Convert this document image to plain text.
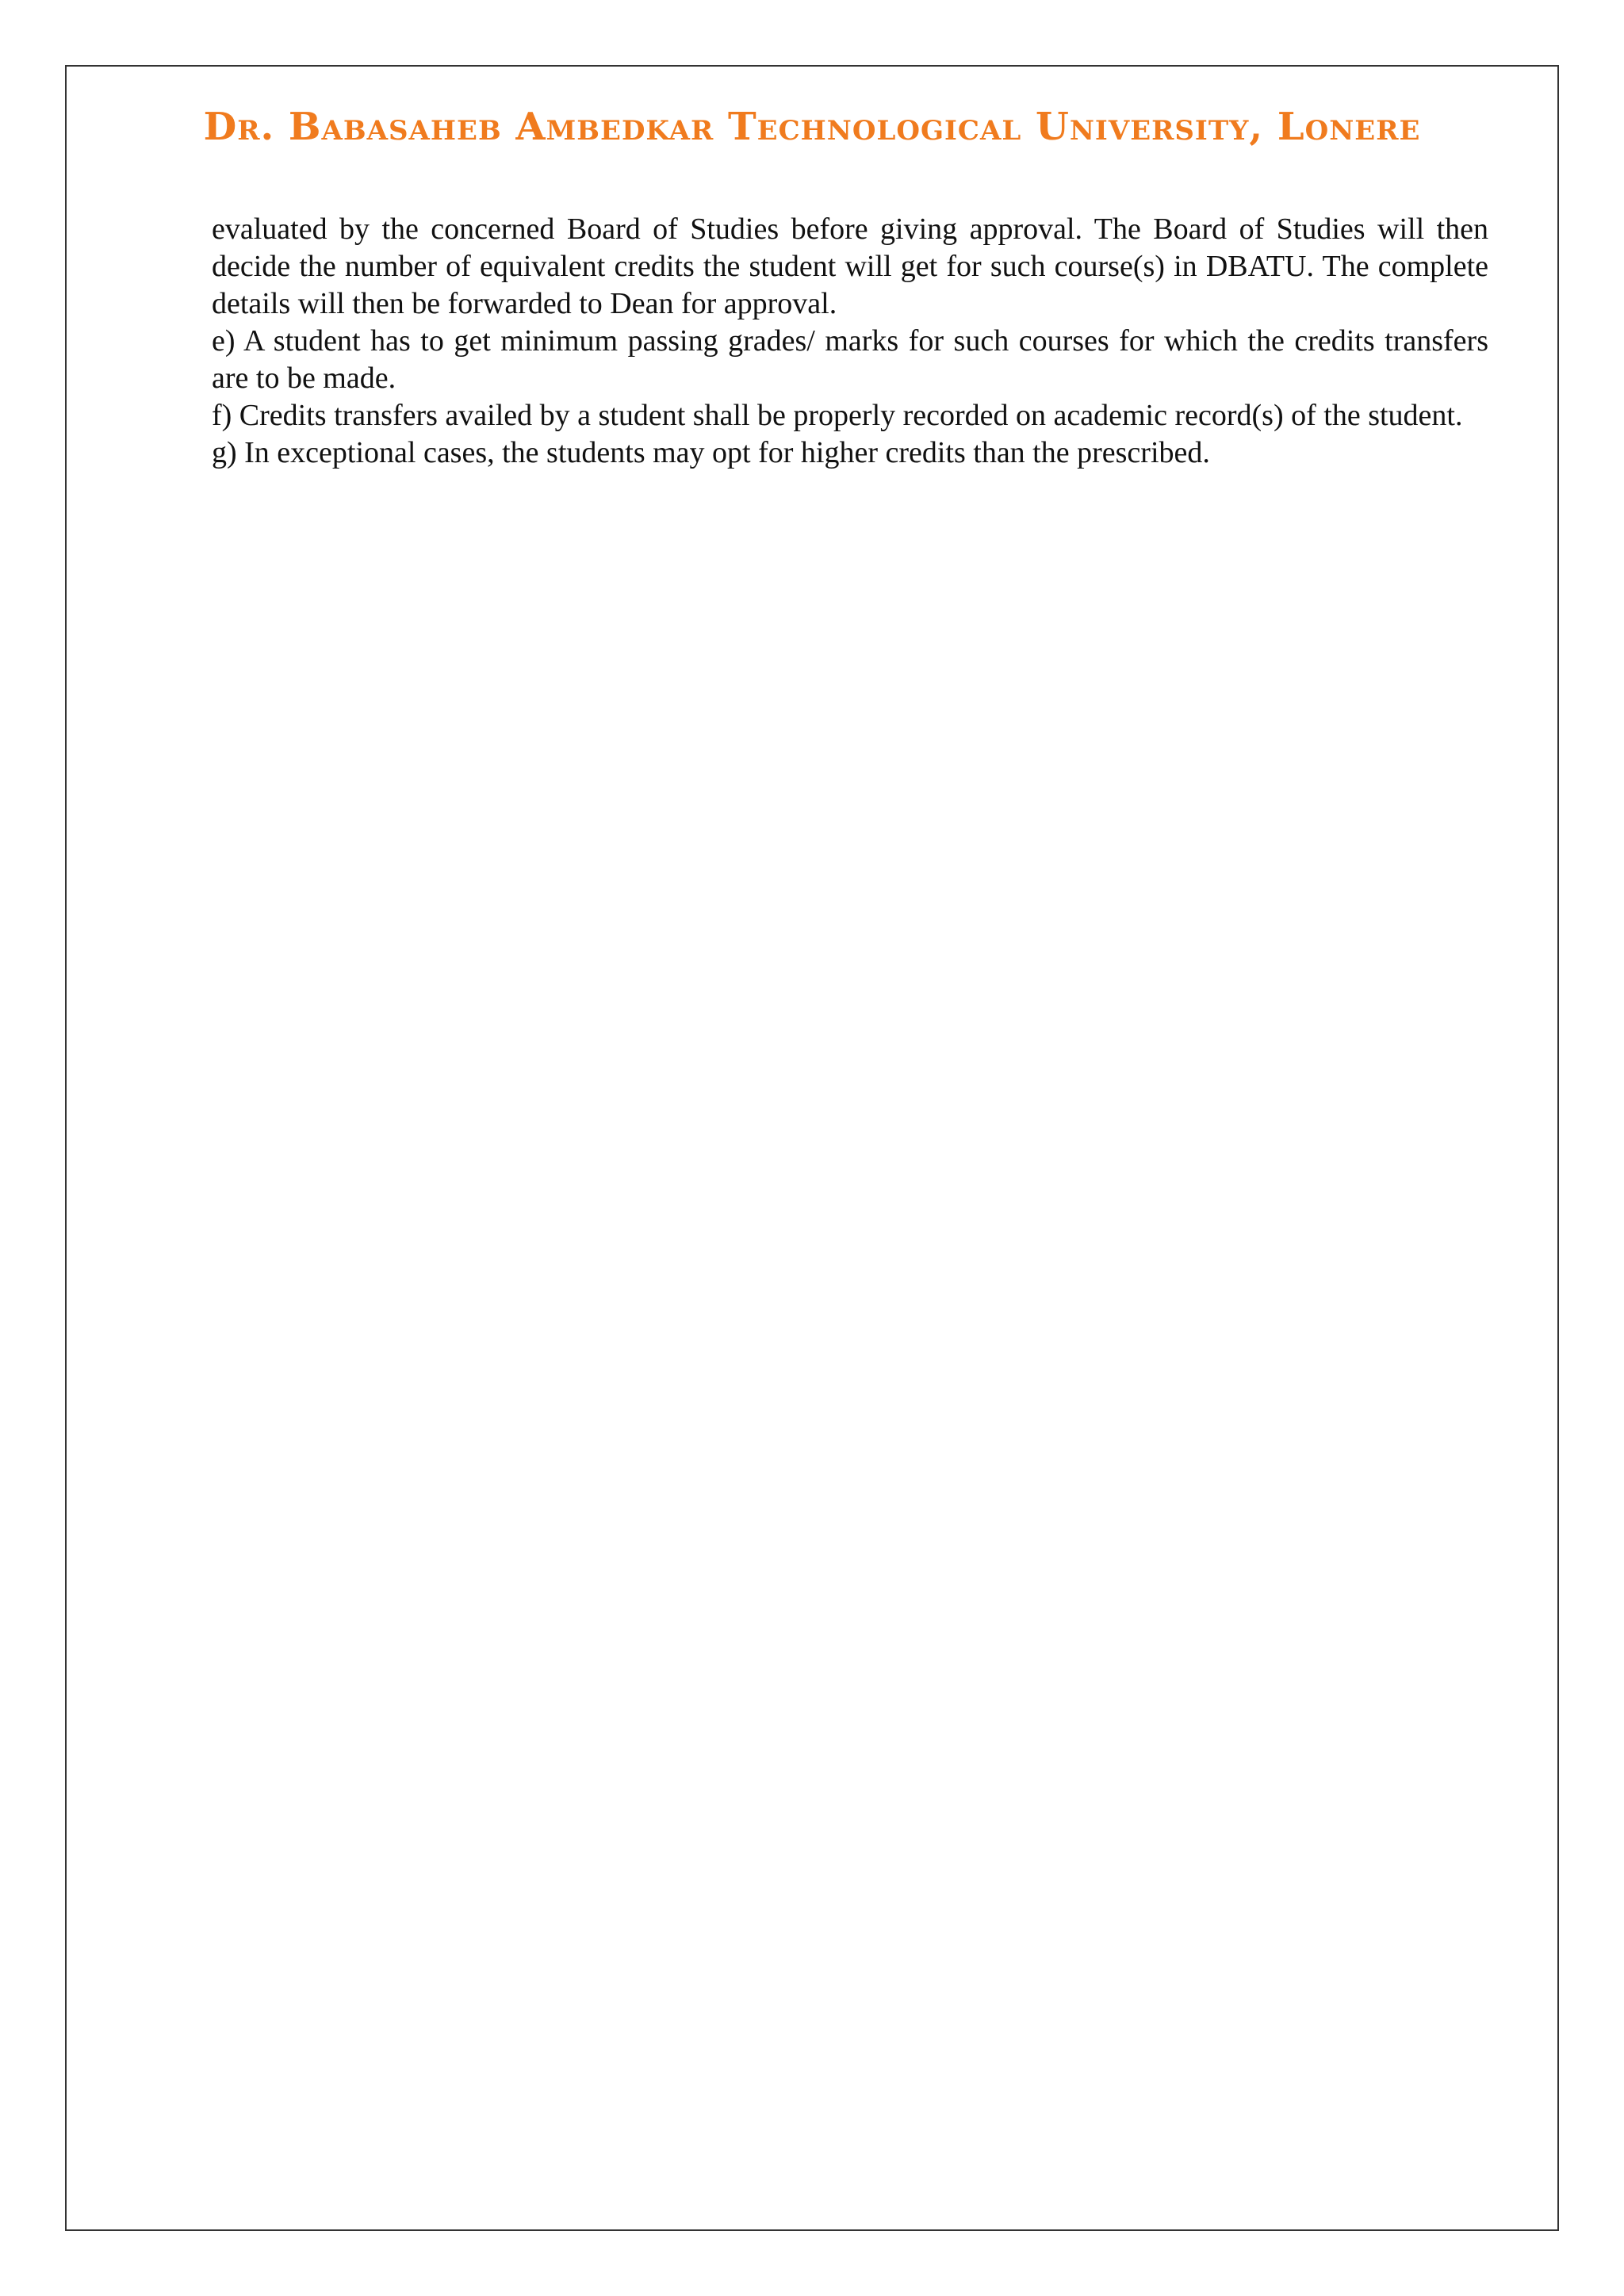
Dr. Babasaheb Ambedkar Technological University, Lonere

evaluated by the concerned Board of Studies before giving approval. The Board of Studies will then decide the number of equivalent credits the student will get for such course(s) in DBATU. The complete details will then be forwarded to Dean for approval.

e) A student has to get minimum passing grades/ marks for such courses for which the credits transfers are to be made.

f) Credits transfers availed by a student shall be properly recorded on academic record(s) of the student.

g) In exceptional cases, the students may opt for higher credits than the prescribed.
